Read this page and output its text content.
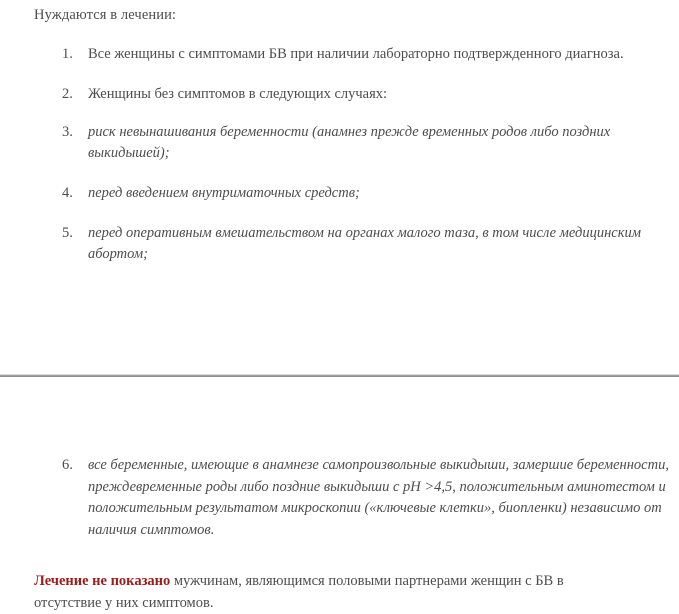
Нуждаются в лечении:
1.	Все женщины с симптомами БВ при наличии лабораторно подтвержденного диагноза.
2.	Женщины без симптомов в следующих случаях:
3.	риск невынашивания беременности (анамнез прежде временных родов либо поздних выкидышей);
4.	перед введением внутриматочных средств;
5.	перед оперативным вмешательством на органах малого таза, в том числе медицинским абортом;
6. все беременные, имеющие в анамнезе самопроизвольные выкидыши, замершие беременности, преждевременные роды либо поздние выкидыши с pH >4,5, положительным аминотестом и положительным результатом микроскопии («ключевые клетки», биопленки) независимо от наличия симптомов.

Лечение не показано мужчинам, являющимся половыми партнерами женщин с БВ в отсутствие у них симптомов.
